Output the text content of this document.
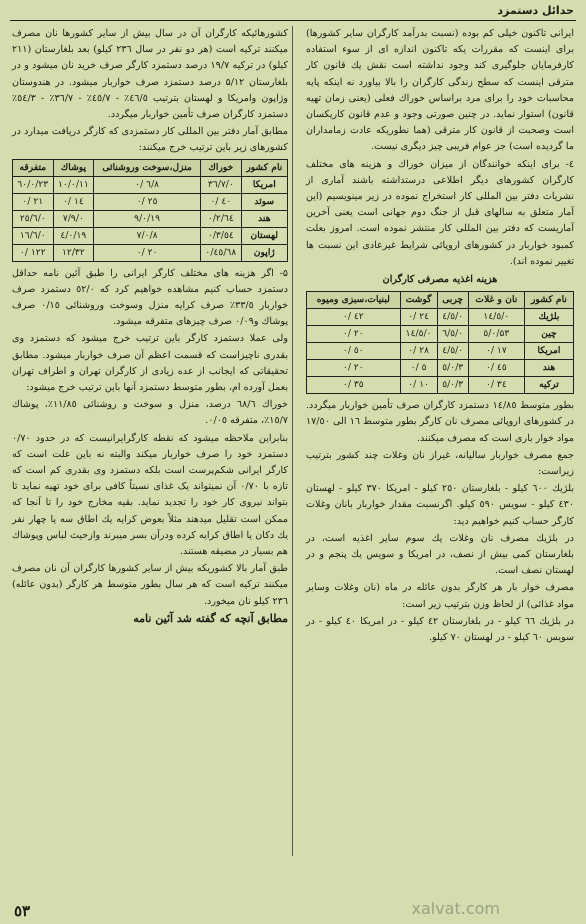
حدائل دستمزد

ایرانی تاکنون خیلی کم بوده (نسبت بدرآمد کارگران سایر کشورها) برای اینست که مقررات یکه تاکنون اندازه ای از سوء استفاده کارفرمایان جلوگیری کند وجود نداشته است نقش یك قانون کار مترقی اینست که سطح زندگی کارگران را بالا بیاورد نه اینکه پایه محاسبات خود را برای مرد براساس خوراك فعلی (یعنی زمان تهیه قانون) استوار نماید. در چنین صورتی وجود و عدم قانون کاریکسان است وصحبت از قانون کار مترقی (هما نطوریکه عادت زمامداران ما گردیده است) جز عوام فریبی چیز دیگری نیست.

٤- برای اینکه خوانندگان از میزان خوراك و هزینه های مختلف کارگران کشورهای دیگر اطلاعی درستداشته باشند آماری از نشریات دفتر بین المللی کار استخراج نموده در زیر مینویسیم (این آمار متعلق به سالهای قبل از جنگ دوم جهانی است یعنی آخرین آماریست که دفتر بین المللی کار منتشر نموده است. امروز بعلت کمبود خواربار در کشورهای اروپائی شرایط غیرعادی این نسبت ها تغییر نموده اند).

هزینه اغذیه مصرفی کارگران
نام کشور	نان و غلات	چربی	گوشت	لبنیات،سبزی ومیوه
بلژیك	۱٤/٥/٠	٤/٥/٠	۲٤ /٠	٤۲ /٠
چین	۵۳/٥/٠	٦/٥/٠	۱٤/٥/٠	۲٠ /٠
امریکا	۱٧ /٠	٤/٥/٠	۲۸ /٠	٥٠ /٠
هند	٤٥ /٠	۳/٥/٠	٥ /٠	۲٠ /٠
ترکیه	۳٤ /٠	۳/٥/٠	۱٠ /٠	۳٥ /٠

بطور متوسط ۱٤/۸٥ دستمزد کارگران صرف تأمین خواربار میگردد. در کشورهای اروپائی مصرف نان کارگر بطور متوسط ۱٦ الی ۱٧/٥۰ مواد خوار باری است که مصرف میکنند.

جمع مصرف خواربار سالیانه، غیراز نان وغلات چند کشور بترتیب زیراست:

بلژیك ٦٠٠ کیلو - بلغارستان ۲٥٠ کیلو - امریکا ۳٧٠ کیلو - لهستان ٤۳٠ کیلو - سویس ٥٩٠ کیلو. اگرنسبت مقدار خواربار بانان وغلات کارگر حساب کنیم خواهیم دید:

در بلژیك مصرف نان وغلات يك سوم سایر اغذیه است، در بلغارستان کمی بیش از نصف، در امریکا و سویس يك پنجم و در لهستان نصف است.

مصرف خوار بار هر کارگر بدون عائله در ماه (نان وغلات وسایر مواد غذائی) از لحاظ وزن بترتیب زیر است:

در بلژیك ٦٦ کیلو - در بلغارستان ٤۲ کیلو - در امریکا ٤٠ کیلو - در سویس ٦٠ کیلو - در لهستان ٧٠ کیلو.

کشورهائیکه کارگران آن در سال بیش از سایر کشورها نان مصرف میکنند ترکیه است (هر دو نفر در سال ۲۳٦ کیلو) بعد بلغارستان (۲۱۱ کیلو) در ترکیه ۱۹/٧ درصد دستمزد کارگر صرف خرید نان میشود و در بلغارستان ۵/۱۲ درصد دستمزد صرف خواربار میشود. در هندوستان وژاپون وامریکا و لهستان بترتیب ٤٦/٥٪ - ٤٥/٧٪ - ۳٦/٧٪ - ٥٤/۳٪ دستمزد کارگران صرف تأمین خواربار میگردد.

مطابق آمار دفتر بین المللی کار دستمزدی که کارگر دریافت میدارد در کشورهای زیر باین ترتیب خرج میکنند:

نام کشور	خوراك	منزل،سوخت وروشنائی	پوشاك	متفرقه
امریکا	۳٦/٧/٠	۸/٦ /٠	۱۱/١٠/٠	۲۳/٦٠/٠
سوئد	٤٠ /٠	۲٥ /٠	۱٤ /٠	۲۱ /٠
هند	٦٤/۲/٠	۱۹/٩/٠	٧/٩/٠	۲٥/٦/٠
لهستان	٥٤/۳/٠	۸/٧/٠	۱۹/٤/٠	۱٦/٦/٠
ژاپون	٤٥/٦۸/٠	۲٠ /٠	۱۲/۳۲	۱۲۲ /٠

۵- اگر هزینه های مختلف کارگر ایرانی را طبق آئین نامه حداقل دستمزد حساب کنیم مشاهده خواهیم کرد که ٥۲/۰ دستمزد صرف خواربار ۳۳/٥٪ صرف کرایه منزل وسوخت وروشنائی ۰/۱٥ صرف پوشاك و۰/۰۹ صرف چیزهای متفرقه میشود.

ولی عملا دستمزد کارگر باین ترتیب خرج میشود که دستمزد وی بقدری ناچیزاست که قسمت اعظم آن صرف خواربار میشود. مطابق تحقیقاتی که ایجانب از عده زیادی از کارگران تهران و اطراف تهران بعمل آورده ام، بطور متوسط دستمزد آنها باین ترتیب خرج میشود:

خوراك ٦٨/٦ درصد، منزل و سوخت و روشنائی ۱۱/۸٥٪، پوشاك ۱٥/٧٪، متفرقه ۰/۰٥.

بنابراین ملاحظه میشود که نقطه کارگرایرانیست که در حدود ۰/٧۰ دستمزد خود را صرف خواربار میکند والبته نه باین علت است که کارگر ایرانی شکم‌پرست است بلکه دستمزد وی بقدری کم است که تازه با ۰/٧۰ آن نمیتواند یک غذای نسبتاً کافی برای خود تهیه نماید تا بتواند نیروی کار خود را تجدید نماید. بقیه مخارج خود را تا آنجا که ممکن است تقلیل میدهند مثلاً بعوض کرایه یك اطاق سه یا چهار نفر یك دکان یا اطاق کرایه کرده ودرآن بسر میبرند وازحیث لباس وپوشاك هم بسیار در مضیقه هستند.

طبق آمار بالا کشوریکه بیش از سایر کشورها کارگران آن نان مصرف میکنند ترکیه است که هر سال بطور متوسط هر کارگر (بدون عائله) ۲۳٦ کیلو نان میخورد.

مطابق آنچه که گفته شد آئین نامه

٥۳	xalvat.com
